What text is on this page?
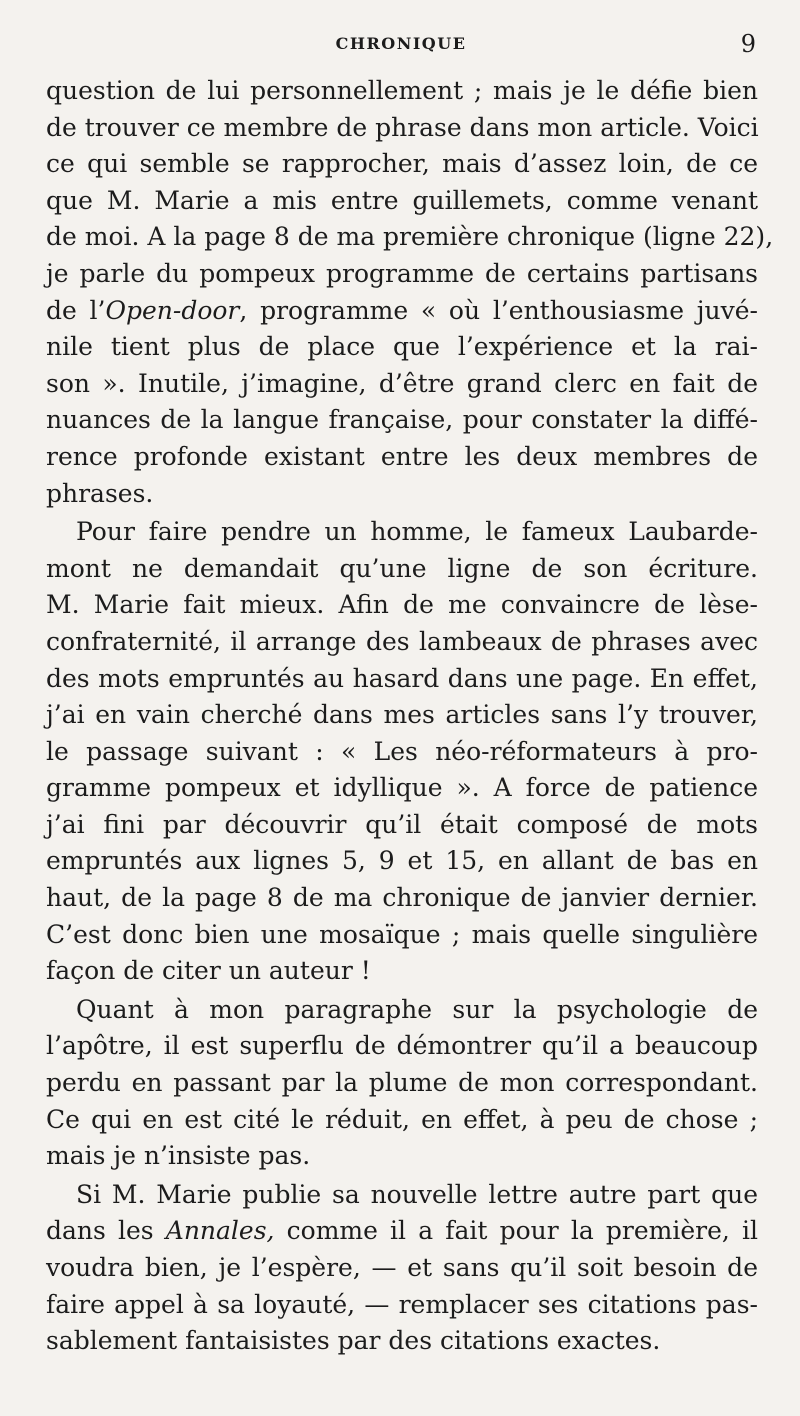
CHRONIQUE	9
question de lui personnellement ; mais je le défie bien
de trouver ce membre de phrase dans mon article. Voici
ce qui semble se rapprocher, mais d’assez loin, de ce
que M. Marie a mis entre guillemets, comme venant
de moi. A la page 8 de ma première chronique (ligne 22),
je parle du pompeux programme de certains partisans
de l’Open-door, programme « où l’enthousiasme juvé-
nile tient plus de place que l’expérience et la rai-
son ». Inutile, j’imagine, d’être grand clerc en fait de
nuances de la langue française, pour constater la diffé-
rence profonde existant entre les deux membres de
phrases.
Pour faire pendre un homme, le fameux Laubarde-
mont ne demandait qu’une ligne de son écriture.
M. Marie fait mieux. Afin de me convaincre de lèse-
confraternité, il arrange des lambeaux de phrases avec
des mots empruntés au hasard dans une page. En effet,
j’ai en vain cherché dans mes articles sans l’y trouver,
le passage suivant : « Les néo-réformateurs à pro-
gramme pompeux et idyllique ». A force de patience
j’ai fini par découvrir qu’il était composé de mots
empruntés aux lignes 5, 9 et 15, en allant de bas en
haut, de la page 8 de ma chronique de janvier dernier.
C’est donc bien une mosaïque ; mais quelle singulière
façon de citer un auteur !
Quant à mon paragraphe sur la psychologie de
l’apôtre, il est superflu de démontrer qu’il a beaucoup
perdu en passant par la plume de mon correspondant.
Ce qui en est cité le réduit, en effet, à peu de chose ;
mais je n’insiste pas.
Si M. Marie publie sa nouvelle lettre autre part que
dans les Annales, comme il a fait pour la première, il
voudra bien, je l’espère, — et sans qu’il soit besoin de
faire appel à sa loyauté, — remplacer ses citations pas-
sablement fantaisistes par des citations exactes.
